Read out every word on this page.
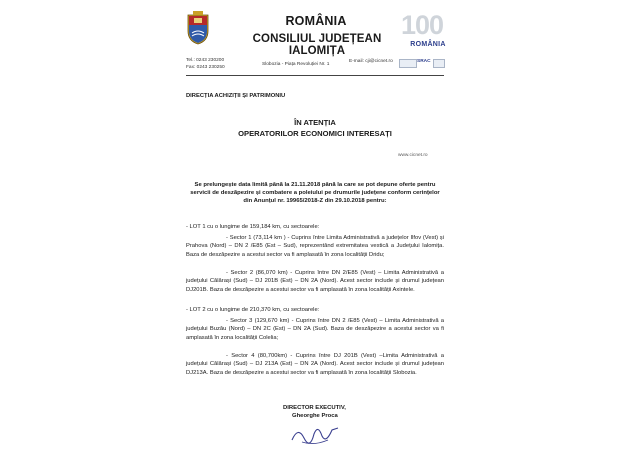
ROMÂNIA
CONSILIUL JUDEȚEAN IALOMIȚA
100
ROMÂNIA
Tel.: 0243 230200
Fax: 0243 230250
Slobozia - Piața Revoluției Nr. 1
E-mail: cji@cicnet.ro	SRAC
DIRECȚIA ACHIZIȚII ȘI PATRIMONIU
ÎN ATENȚIA
OPERATORILOR ECONOMICI INTERESAȚI
www.cicnet.ro
Se prelungește data limită până la 21.11.2018 până la care se pot depune oferte pentru servicii de deszăpezire și combatere a poleiului pe drumurile județene conform cerințelor din Anunțul nr. 19965/2018-Z din 29.10.2018 pentru:
- LOT 1 cu o lungime de 159,184 km, cu sectoarele:
- Sector 1 (73,114 km ) - Cuprins între Limita Administrativă a județelor Ilfov (Vest) și Prahova (Nord) – DN 2 /E85 (Est – Sud), reprezentând extremitatea vestică a Județului Ialomița. Baza de deszăpezire a acestui sector va fi amplasată în zona localității Dridu;
- Sector 2 (86,070 km) - Cuprins între DN 2/E85 (Vest) – Limita Administrativă a județului Călărași (Sud) – DJ 201B (Est) – DN 2A (Nord). Acest sector include și drumul județean DJ201B. Baza de deszăpezire a acestui sector va fi amplasată în zona localității Axintele.
- LOT 2 cu o lungime de 210,370 km, cu sectoarele:
- Sector 3 (129,670 km) - Cuprins între DN 2 /E85 (Vest) – Limita Administrativă a județului Buzău (Nord) – DN 2C (Est) – DN 2A (Sud). Baza de deszăpezire a acestui sector va fi amplasată în zona localității Colelia;
- Sector 4 (80,700km) - Cuprins între DJ 201B (Vest) –Limita Administrativă a județului Călărași (Sud) – DJ 213A (Est) – DN 2A (Nord). Acest sector include și drumul județean DJ213A. Baza de deszăpezire a acestui sector va fi amplasată în zona localității Slobozia.
DIRECTOR EXECUTIV,
Gheorghe Proca
